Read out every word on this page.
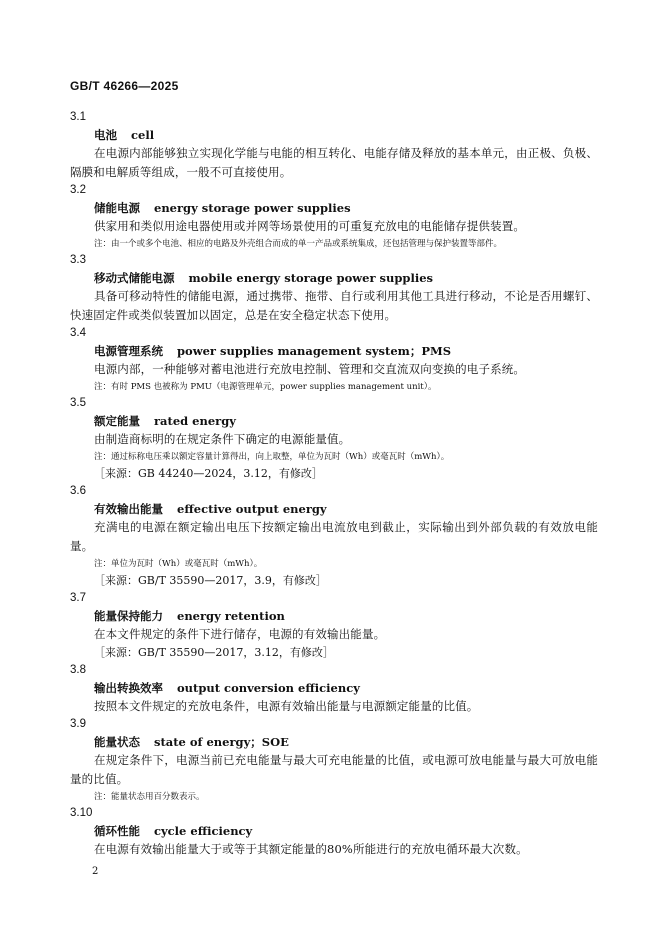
GB/T 46266—2025
3.1
电池 cell
在电源内部能够独立实现化学能与电能的相互转化、电能存储及释放的基本单元，由正极、负极、隔膜和电解质等组成，一般不可直接使用。
3.2
储能电源 energy storage power supplies
供家用和类似用途电器使用或并网等场景使用的可重复充放电的电能储存提供装置。
注：由一个或多个电池、相应的电路及外壳组合而成的单一产品或系统集成，还包括管理与保护装置等部件。
3.3
移动式储能电源 mobile energy storage power supplies
具备可移动特性的储能电源，通过携带、拖带、自行或利用其他工具进行移动，不论是否用螺钉、快速固定件或类似装置加以固定，总是在安全稳定状态下使用。
3.4
电源管理系统 power supplies management system；PMS
电源内部，一种能够对蓄电池进行充放电控制、管理和交直流双向变换的电子系统。
注：有时 PMS 也被称为 PMU（电源管理单元，power supplies management unit）。
3.5
额定能量 rated energy
由制造商标明的在规定条件下确定的电源能量值。
注：通过标称电压乘以额定容量计算得出，向上取整，单位为瓦时（Wh）或毫瓦时（mWh）。
［来源：GB 44240—2024，3.12，有修改］
3.6
有效输出能量 effective output energy
充满电的电源在额定输出电压下按额定输出电流放电到截止，实际输出到外部负载的有效放电能量。
注：单位为瓦时（Wh）或毫瓦时（mWh）。
［来源：GB/T 35590—2017，3.9，有修改］
3.7
能量保持能力 energy retention
在本文件规定的条件下进行储存，电源的有效输出能量。
［来源：GB/T 35590—2017，3.12，有修改］
3.8
输出转换效率 output conversion efficiency
按照本文件规定的充放电条件，电源有效输出能量与电源额定能量的比值。
3.9
能量状态 state of energy；SOE
在规定条件下，电源当前已充电能量与最大可充电能量的比值，或电源可放电能量与最大可放电能量的比值。
注：能量状态用百分数表示。
3.10
循环性能 cycle efficiency
在电源有效输出能量大于或等于其额定能量的80%所能进行的充放电循环最大次数。
2
